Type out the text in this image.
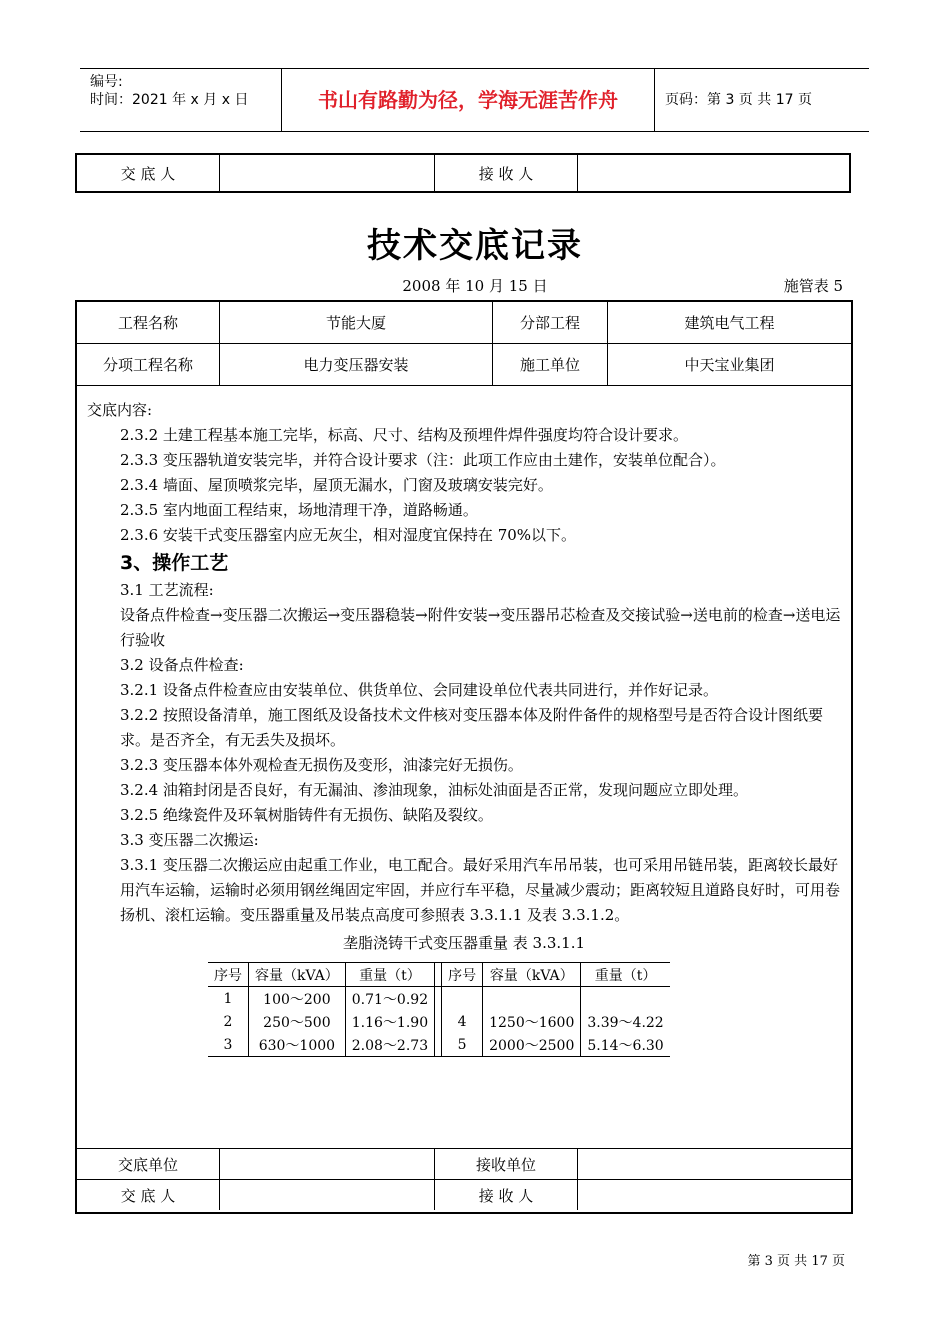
编号:
时间：2021 年 x 月 x 日	书山有路勤为径，学海无涯苦作舟	页码：第 3 页 共 17 页
交 底 人		接 收 人	
技术交底记录
2008 年 10 月 15 日	施管表 5
工程名称	节能大厦	分部工程	建筑电气工程
分项工程名称	电力变压器安装	施工单位	中天宝业集团

交底内容:

2.3.2 土建工程基本施工完毕，标高、尺寸、结构及预埋件焊件强度均符合设计要求。

2.3.3 变压器轨道安装完毕，并符合设计要求（注：此项工作应由土建作，安装单位配合）。

2.3.4 墙面、屋顶喷浆完毕，屋顶无漏水，门窗及玻璃安装完好。

2.3.5 室内地面工程结束，场地清理干净，道路畅通。

2.3.6 安装干式变压器室内应无灰尘，相对湿度宜保持在 70%以下。

3、操作工艺

3.1 工艺流程:

设备点件检查→变压器二次搬运→变压器稳装→附件安装→变压器吊芯检查及交接试验→送电前的检查→送电运行验收

3.2 设备点件检查:

3.2.1 设备点件检查应由安装单位、供货单位、会同建设单位代表共同进行，并作好记录。

3.2.2 按照设备清单，施工图纸及设备技术文件核对变压器本体及附件备件的规格型号是否符合设计图纸要求。是否齐全，有无丢失及损坏。

3.2.3 变压器本体外观检查无损伤及变形，油漆完好无损伤。

3.2.4 油箱封闭是否良好，有无漏油、渗油现象，油标处油面是否正常，发现问题应立即处理。

3.2.5 绝缘瓷件及环氧树脂铸件有无损伤、缺陷及裂纹。

3.3 变压器二次搬运:

3.3.1 变压器二次搬运应由起重工作业，电工配合。最好采用汽车吊吊装，也可采用吊链吊装，距离较长最好用汽车运输，运输时必须用钢丝绳固定牢固，并应行车平稳，尽量减少震动；距离较短且道路良好时，可用卷扬机、滚杠运输。变压器重量及吊装点高度可参照表 3.3.1.1 及表 3.3.1.2。

垄脂浇铸干式变压器重量 表 3.3.1.1
序号	容量（kVA）	重量（t）		序号	容量（kVA）	重量（t）
1	100～200	0.71～0.92				
2	250～500	1.16～1.90		4	1250～1600	3.39～4.22
3	630～1000	2.08～2.73		5	2000～2500	5.14～6.30
交底单位		接收单位	
交 底 人		接 收 人	
第 3 页 共 17 页
